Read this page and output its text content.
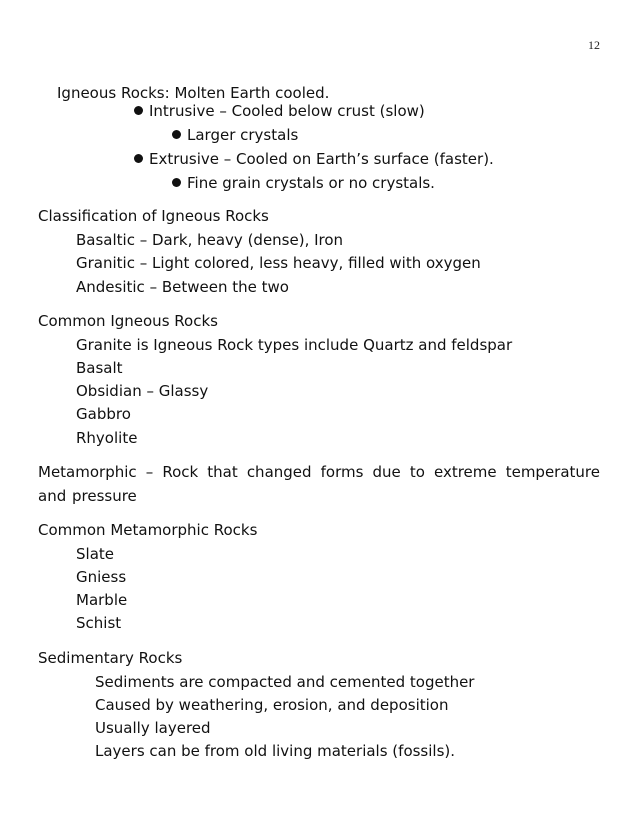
12
Igneous Rocks: Molten Earth cooled.
Intrusive – Cooled below crust (slow)
Larger crystals
Extrusive – Cooled on Earth’s surface (faster).
Fine grain crystals or no crystals.
Classification of Igneous Rocks
Basaltic – Dark, heavy (dense), Iron
Granitic – Light colored, less heavy, filled with oxygen
Andesitic – Between the two
Common Igneous Rocks
Granite is Igneous Rock types include Quartz and feldspar
Basalt
Obsidian – Glassy
Gabbro
Rhyolite
Metamorphic – Rock that changed forms due to extreme temperature and pressure
Common Metamorphic Rocks
Slate
Gniess
Marble
Schist
Sedimentary Rocks
Sediments are compacted and cemented together
Caused by weathering, erosion, and deposition
Usually layered
Layers can be from old living materials (fossils).
